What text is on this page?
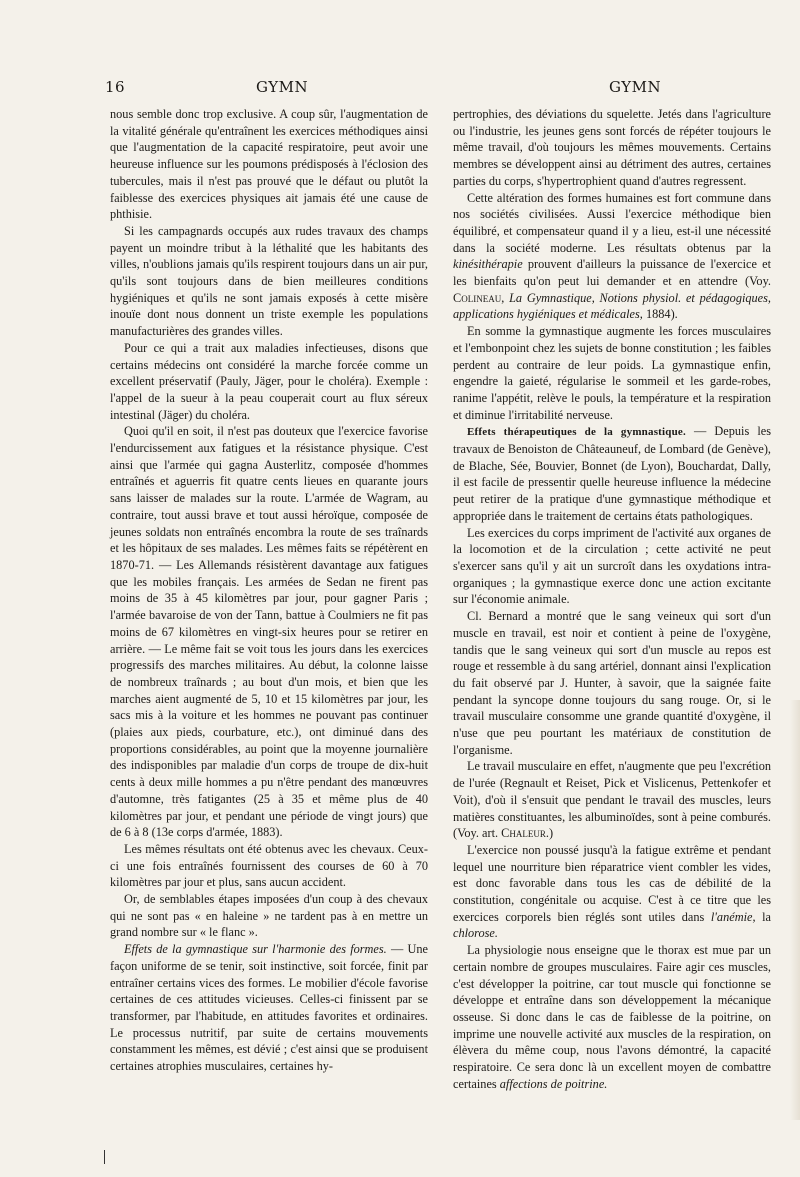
16	GYMN	GYMN

nous semble donc trop exclusive. A coup sûr, l'augmentation de la vitalité générale qu'entraînent les exercices méthodiques ainsi que l'augmentation de la capacité respiratoire, peut avoir une heureuse influence sur les poumons prédisposés à l'éclosion des tubercules, mais il n'est pas prouvé que le défaut ou plutôt la faiblesse des exercices physiques ait jamais été une cause de phthisie.

Si les campagnards occupés aux rudes travaux des champs payent un moindre tribut à la léthalité que les habitants des villes, n'oublions jamais qu'ils respirent toujours dans un air pur, qu'ils sont toujours dans de bien meilleures conditions hygiéniques et qu'ils ne sont jamais exposés à cette misère inouïe dont nous donnent un triste exemple les populations manufacturières des grandes villes.

Pour ce qui a trait aux maladies infectieuses, disons que certains médecins ont considéré la marche forcée comme un excellent préservatif (Pauly, Jäger, pour le choléra). Exemple : l'appel de la sueur à la peau couperait court au flux séreux intestinal (Jäger) du choléra.

Quoi qu'il en soit, il n'est pas douteux que l'exercice favorise l'endurcissement aux fatigues et la résistance physique. C'est ainsi que l'armée qui gagna Austerlitz, composée d'hommes entraînés et aguerris fit quatre cents lieues en quarante jours sans laisser de malades sur la route. L'armée de Wagram, au contraire, tout aussi brave et tout aussi héroïque, composée de jeunes soldats non entraînés encombra la route de ses traînards et les hôpitaux de ses malades. Les mêmes faits se répétèrent en 1870-71. — Les Allemands résistèrent davantage aux fatigues que les mobiles français. Les armées de Sedan ne firent pas moins de 35 à 45 kilomètres par jour, pour gagner Paris ; l'armée bavaroise de von der Tann, battue à Coulmiers ne fit pas moins de 67 kilomètres en vingt-six heures pour se retirer en arrière. — Le même fait se voit tous les jours dans les exercices progressifs des marches militaires. Au début, la colonne laisse de nombreux traînards ; au bout d'un mois, et bien que les marches aient augmenté de 5, 10 et 15 kilomètres par jour, les sacs mis à la voiture et les hommes ne pouvant pas continuer (plaies aux pieds, courbature, etc.), ont diminué dans des proportions considérables, au point que la moyenne journalière des indisponibles par maladie d'un corps de troupe de dix-huit cents à deux mille hommes a pu n'être pendant des manœuvres d'automne, très fatigantes (25 à 35 et même plus de 40 kilomètres par jour, et pendant une période de vingt jours) que de 6 à 8 (13e corps d'armée, 1883).

Les mêmes résultats ont été obtenus avec les chevaux. Ceux-ci une fois entraînés fournissent des courses de 60 à 70 kilomètres par jour et plus, sans aucun accident.

Or, de semblables étapes imposées d'un coup à des chevaux qui ne sont pas « en haleine » ne tardent pas à en mettre un grand nombre sur « le flanc ».

Effets de la gymnastique sur l'harmonie des formes. — Une façon uniforme de se tenir, soit instinctive, soit forcée, finit par entraîner certains vices des formes. Le mobilier d'école favorise certaines de ces attitudes vicieuses. Celles-ci finissent par se transformer, par l'habitude, en attitudes favorites et ordinaires. Le processus nutritif, par suite de certains mouvements constamment les mêmes, est dévié ; c'est ainsi que se produisent certaines atrophies musculaires, certaines hy-

pertrophies, des déviations du squelette. Jetés dans l'agriculture ou l'industrie, les jeunes gens sont forcés de répéter toujours le même travail, d'où toujours les mêmes mouvements. Certains membres se développent ainsi au détriment des autres, certaines parties du corps, s'hypertrophient quand d'autres regressent.

Cette altération des formes humaines est fort commune dans nos sociétés civilisées. Aussi l'exercice méthodique bien équilibré, et compensateur quand il y a lieu, est-il une nécessité dans la société moderne. Les résultats obtenus par la kinésithérapie prouvent d'ailleurs la puissance de l'exercice et les bienfaits qu'on peut lui demander et en attendre (Voy. Colineau, La Gymnastique, Notions physiol. et pédagogiques, applications hygiéniques et médicales, 1884).

En somme la gymnastique augmente les forces musculaires et l'embonpoint chez les sujets de bonne constitution ; les faibles perdent au contraire de leur poids. La gymnastique enfin, engendre la gaieté, régularise le sommeil et les garde-robes, ranime l'appétit, relève le pouls, la température et la respiration et diminue l'irritabilité nerveuse.

Effets thérapeutiques de la gymnastique. — Depuis les travaux de Benoiston de Châteauneuf, de Lombard (de Genève), de Blache, Sée, Bouvier, Bonnet (de Lyon), Bouchardat, Dally, il est facile de pressentir quelle heureuse influence la médecine peut retirer de la pratique d'une gymnastique méthodique et appropriée dans le traitement de certains états pathologiques.

Les exercices du corps impriment de l'activité aux organes de la locomotion et de la circulation ; cette activité ne peut s'exercer sans qu'il y ait un surcroît dans les oxydations intra-organiques ; la gymnastique exerce donc une action excitante sur l'économie animale.

Cl. Bernard a montré que le sang veineux qui sort d'un muscle en travail, est noir et contient à peine de l'oxygène, tandis que le sang veineux qui sort d'un muscle au repos est rouge et ressemble à du sang artériel, donnant ainsi l'explication du fait observé par J. Hunter, à savoir, que la saignée faite pendant la syncope donne toujours du sang rouge. Or, si le travail musculaire consomme une grande quantité d'oxygène, il n'use que peu pourtant les matériaux de constitution de l'organisme.

Le travail musculaire en effet, n'augmente que peu l'excrétion de l'urée (Regnault et Reiset, Pick et Vislicenus, Pettenkofer et Voit), d'où il s'ensuit que pendant le travail des muscles, leurs matières constituantes, les albuminoïdes, sont à peine comburés. (Voy. art. Chaleur.)

L'exercice non poussé jusqu'à la fatigue extrême et pendant lequel une nourriture bien réparatrice vient combler les vides, est donc favorable dans tous les cas de débilité de la constitution, congénitale ou acquise. C'est à ce titre que les exercices corporels bien réglés sont utiles dans l'anémie, la chlorose.

La physiologie nous enseigne que le thorax est mue par un certain nombre de groupes musculaires. Faire agir ces muscles, c'est développer la poitrine, car tout muscle qui fonctionne se développe et entraîne dans son développement la mécanique osseuse. Si donc dans le cas de faiblesse de la poitrine, on imprime une nouvelle activité aux muscles de la respiration, on élèvera du même coup, nous l'avons démontré, la capacité respiratoire. Ce sera donc là un excellent moyen de combattre certaines affections de poitrine.
